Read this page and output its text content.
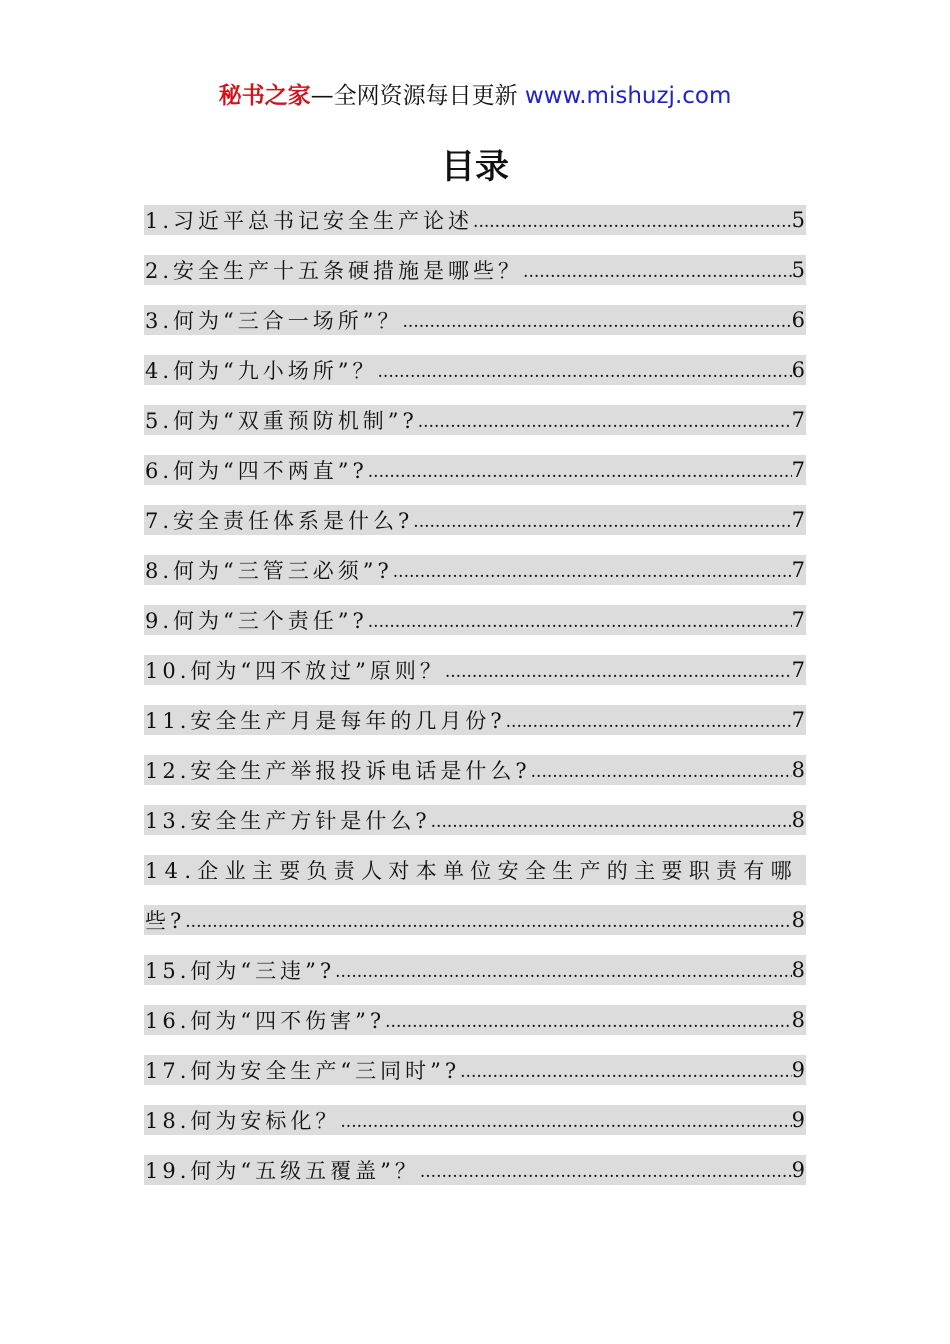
秘书之家—全网资源每日更新 www.mishuzj.com
目录
1.习近平总书记安全生产论述 .....	5
2.安全生产十五条硬措施是哪些？ .....	5
3.何为“三合一场所”？ .....	6
4.何为“九小场所”？ .....	6
5.何为“双重预防机制”? .....	7
6.何为“四不两直”? .....	7
7.安全责任体系是什么? .....	7
8.何为“三管三必须”? .....	7
9.何为“三个责任”? .....	7
10.何为“四不放过”原则？ .....	7
11.安全生产月是每年的几月份? .....	7
12.安全生产举报投诉电话是什么? .....	8
13.安全生产方针是什么? .....	8
14.企业主要负责人对本单位安全生产的主要职责有哪
些? .....	8
15.何为“三违”? .....	8
16.何为“四不伤害”? .....	8
17.何为安全生产“三同时”? .....	9
18.何为安标化？ .....	9
19.何为“五级五覆盖”？ .....	9
